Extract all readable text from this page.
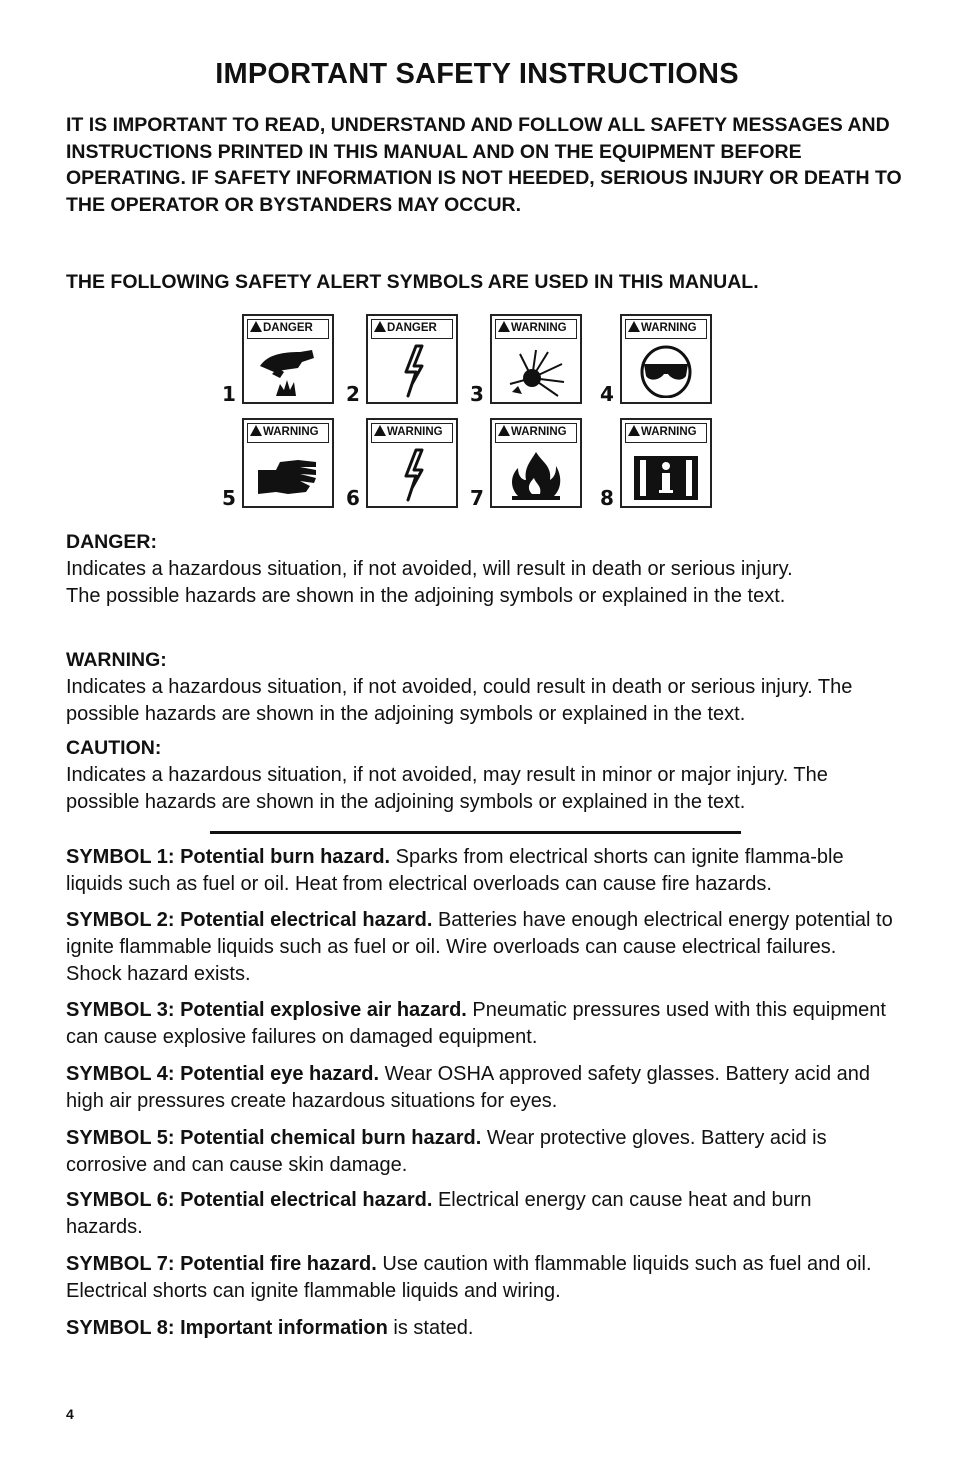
IMPORTANT SAFETY INSTRUCTIONS
IT IS IMPORTANT TO READ, UNDERSTAND AND FOLLOW ALL SAFETY MESSAGES AND INSTRUCTIONS PRINTED IN THIS MANUAL AND ON THE EQUIPMENT BEFORE OPERATING. IF SAFETY INFORMATION IS NOT HEEDED, SERIOUS INJURY OR DEATH TO THE OPERATOR OR BYSTANDERS MAY OCCUR.
THE FOLLOWING SAFETY ALERT SYMBOLS ARE USED IN THIS MANUAL.
1
DANGER
2
DANGER
3
WARNING
4
WARNING
5
WARNING
6
WARNING
7
WARNING
8
WARNING
DANGER:
Indicates a hazardous situation, if not avoided, will result in death or serious injury. The possible hazards are shown in the adjoining symbols or explained in the text.
WARNING:
Indicates a hazardous situation, if not avoided, could result in death or serious injury. The possible hazards are shown in the adjoining symbols or explained in the text.
CAUTION:
Indicates a hazardous situation, if not avoided, may result in minor or major injury. The possible hazards are shown in the adjoining symbols or explained in the text.
SYMBOL 1: Potential burn hazard. Sparks from electrical shorts can ignite flamma-ble liquids such as fuel or oil. Heat from electrical overloads can cause fire hazards.
SYMBOL 2: Potential electrical hazard. Batteries have enough electrical energy potential to ignite flammable liquids such as fuel or oil. Wire overloads can cause electrical failures. Shock hazard exists.
SYMBOL 3: Potential explosive air hazard. Pneumatic pressures used with this equipment can cause explosive failures on damaged equipment.
SYMBOL 4: Potential eye hazard. Wear OSHA approved safety glasses. Battery acid and high air pressures create hazardous situations for eyes.
SYMBOL 5: Potential chemical burn hazard. Wear protective gloves. Battery acid is corrosive and can cause skin damage.
SYMBOL 6: Potential electrical hazard. Electrical energy can cause heat and burn hazards.
SYMBOL 7: Potential fire hazard. Use caution with flammable liquids such as fuel and oil. Electrical shorts can ignite flammable liquids and wiring.
SYMBOL 8: Important information is stated.
4
